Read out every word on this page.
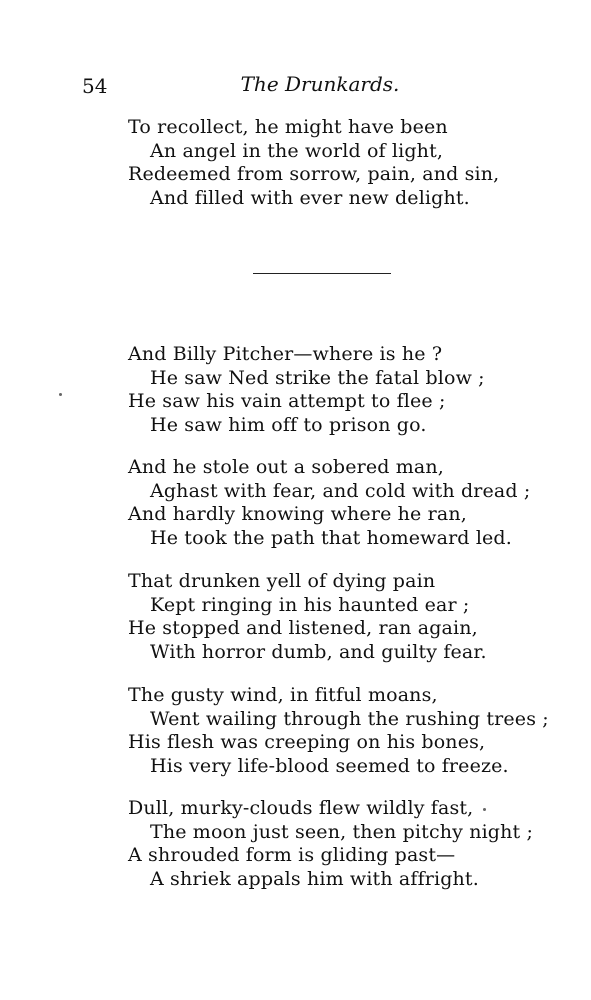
54	The Drunkards.
To recollect, he might have been
An angel in the world of light,
Redeemed from sorrow, pain, and sin,
And filled with ever new delight.
And Billy Pitcher—where is he ?
He saw Ned strike the fatal blow ;
He saw his vain attempt to flee ;
He saw him off to prison go.
And he stole out a sobered man,
Aghast with fear, and cold with dread ;
And hardly knowing where he ran,
He took the path that homeward led.
That drunken yell of dying pain
Kept ringing in his haunted ear ;
He stopped and listened, ran again,
With horror dumb, and guilty fear.
The gusty wind, in fitful moans,
Went wailing through the rushing trees ;
His flesh was creeping on his bones,
His very life-blood seemed to freeze.
Dull, murky-clouds flew wildly fast,
The moon just seen, then pitchy night ;
A shrouded form is gliding past—
A shriek appals him with affright.
